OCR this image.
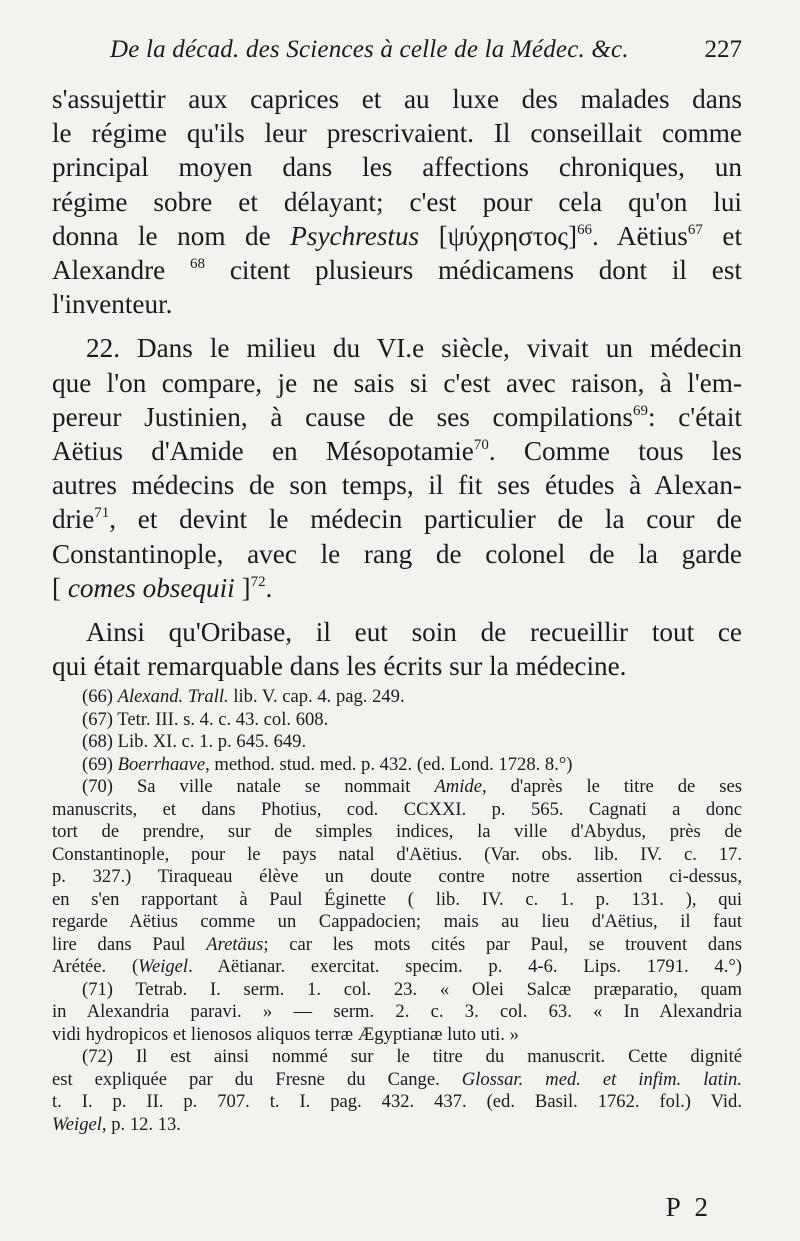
De la décad. des Sciences à celle de la Médec. &c.	227
s'assujettir aux caprices et au luxe des malades dans
le régime qu'ils leur prescrivaient. Il conseillait comme
principal moyen dans les affections chroniques, un
régime sobre et délayant; c'est pour cela qu'on lui
donna le nom de Psychrestus $[\psi ύ\chi\rho\eta\sigma\tau o\varsigma]^{66}$. Aëtius$^{67}$ et
Alexandre $^{68}$ citent plusieurs médicamens dont il est
l'inventeur.
22. Dans le milieu du VI.e siècle, vivait un médecin
que l'on compare, je ne sais si c'est avec raison, à l'em-
pereur Justinien, à cause de ses compilations$^{69}$: c'était
Aëtius d'Amide en Mésopotamie$^{70}$. Comme tous les
autres médecins de son temps, il fit ses études à Alexan-
drie$^{71}$, et devint le médecin particulier de la cour de
Constantinople, avec le rang de colonel de la garde
[ comes obsequii ]$^{72}$.
Ainsi qu'Oribase, il eut soin de recueillir tout ce
qui était remarquable dans les écrits sur la médecine.
(66) Alexand. Trall. lib. V. cap. 4. pag. 249.
(67) Tetr. III. s. 4. c. 43. col. 608.
(68) Lib. XI. c. 1. p. 645. 649.
(69) Boerrhaave, method. stud. med. p. 432. (ed. Lond. 1728. 8.°)
(70) Sa ville natale se nommait Amide, d'après le titre de ses
manuscrits, et dans Photius, cod. CCXXI. p. 565. Cagnati a donc
tort de prendre, sur de simples indices, la ville d'Abydus, près de
Constantinople, pour le pays natal d'Aëtius. (Var. obs. lib. IV. c. 17.
p. 327.) Tiraqueau élève un doute contre notre assertion ci-dessus,
en s'en rapportant à Paul Éginette ( lib. IV. c. 1. p. 131. ), qui
regarde Aëtius comme un Cappadocien; mais au lieu d'Aëtius, il faut
lire dans Paul Aretäus; car les mots cités par Paul, se trouvent dans
Arétée. (Weigel. Aëtianar. exercitat. specim. p. 4-6. Lips. 1791. 4.°)
(71) Tetrab. I. serm. 1. col. 23. « Olei Salcæ præparatio, quam
in Alexandria paravi. » — serm. 2. c. 3. col. 63. « In Alexandria
vidi hydropicos et lienosos aliquos terræ Ægyptianæ luto uti. »
(72) Il est ainsi nommé sur le titre du manuscrit. Cette dignité
est expliquée par du Fresne du Cange. Glossar. med. et infim. latin.
t. I. p. II. p. 707. t. I. pag. 432. 437. (ed. Basil. 1762. fol.) Vid.
Weigel, p. 12. 13.
P 2
